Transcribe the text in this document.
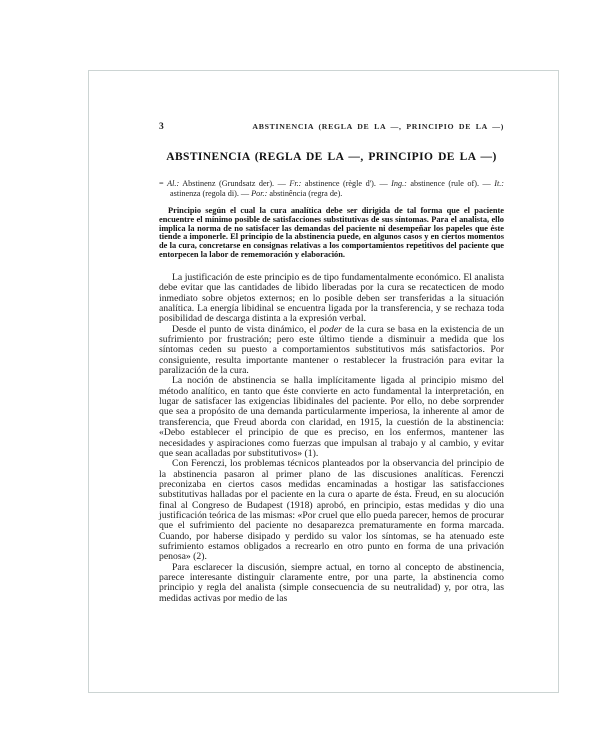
3	ABSTINENCIA (REGLA DE LA —, PRINCIPIO DE LA —)
ABSTINENCIA (REGLA DE LA —, PRINCIPIO DE LA —)
= Al.: Abstinenz (Grundsatz der). — Fr.: abstinence (règle d'). — Ing.: abstinence (rule of). — It.: astinenza (regola di). — Por.: abstinência (regra de).

Principio según el cual la cura analítica debe ser dirigida de tal forma que el paciente encuentre el mínimo posible de satisfacciones substitutivas de sus síntomas. Para el analista, ello implica la norma de no satisfacer las demandas del paciente ni desempeñar los papeles que éste tiende a imponerle. El principio de la abstinencia puede, en algunos casos y en ciertos momentos de la cura, concretarse en consignas relativas a los comportamientos repetitivos del paciente que entorpecen la labor de rememoración y elaboración.

La justificación de este principio es de tipo fundamentalmente económico. El analista debe evitar que las cantidades de libido liberadas por la cura se recatecticen de modo inmediato sobre objetos externos; en lo posible deben ser transferidas a la situación analítica. La energía libidinal se encuentra ligada por la transferencia, y se rechaza toda posibilidad de descarga distinta a la expresión verbal.

Desde el punto de vista dinámico, el poder de la cura se basa en la existencia de un sufrimiento por frustración; pero este último tiende a disminuir a medida que los síntomas ceden su puesto a comportamientos substitutivos más satisfactorios. Por consiguiente, resulta importante mantener o restablecer la frustración para evitar la paralización de la cura.

La noción de abstinencia se halla implícitamente ligada al principio mismo del método analítico, en tanto que éste convierte en acto fundamental la interpretación, en lugar de satisfacer las exigencias libidinales del paciente. Por ello, no debe sorprender que sea a propósito de una demanda particularmente imperiosa, la inherente al amor de transferencia, que Freud aborda con claridad, en 1915, la cuestión de la abstinencia: «Debo establecer el principio de que es preciso, en los enfermos, mantener las necesidades y aspiraciones como fuerzas que impulsan al trabajo y al cambio, y evitar que sean acalladas por substitutivos» (1).

Con Ferenczi, los problemas técnicos planteados por la observancia del principio de la abstinencia pasaron al primer plano de las discusiones analíticas. Ferenczi preconizaba en ciertos casos medidas encaminadas a hostigar las satisfacciones substitutivas halladas por el paciente en la cura o aparte de ésta. Freud, en su alocución final al Congreso de Budapest (1918) aprobó, en principio, estas medidas y dio una justificación teórica de las mismas: «Por cruel que ello pueda parecer, hemos de procurar que el sufrimiento del paciente no desaparezca prematuramente en forma marcada. Cuando, por haberse disipado y perdido su valor los síntomas, se ha atenuado este sufrimiento estamos obligados a recrearlo en otro punto en forma de una privación penosa» (2).

Para esclarecer la discusión, siempre actual, en torno al concepto de abstinencia, parece interesante distinguir claramente entre, por una parte, la abstinencia como principio y regla del analista (simple consecuencia de su neutralidad) y, por otra, las medidas activas por medio de las
